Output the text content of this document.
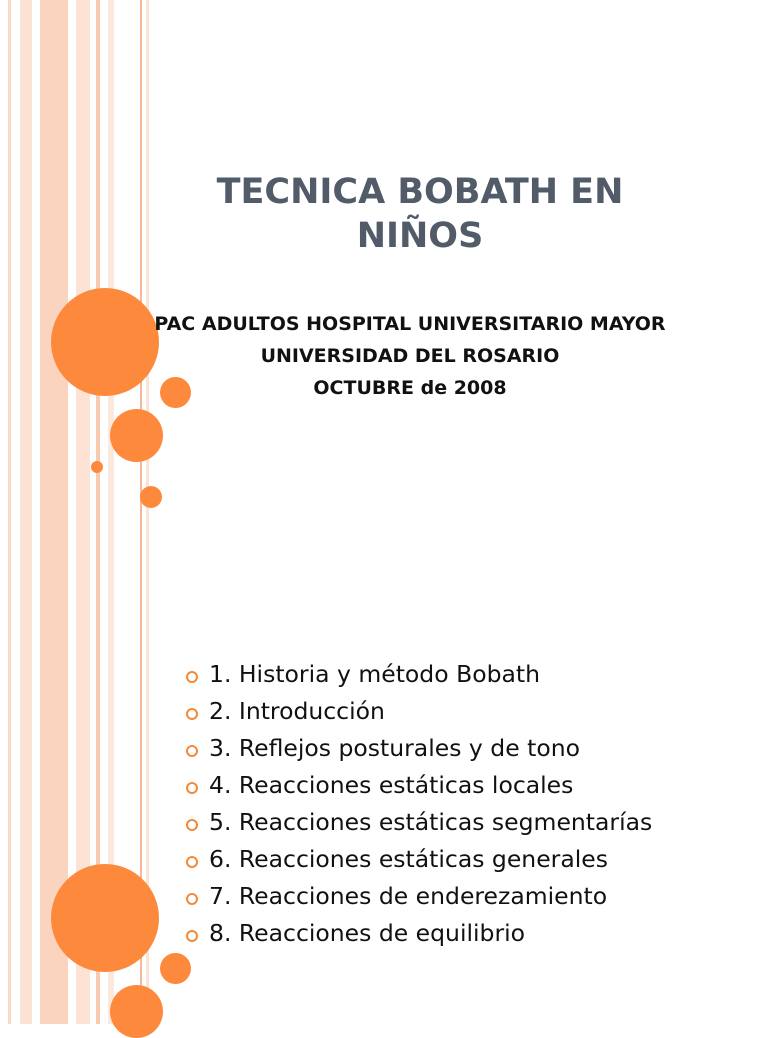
TECNICA BOBATH EN NIÑOS
PAC ADULTOS HOSPITAL UNIVERSITARIO MAYOR
UNIVERSIDAD DEL ROSARIO
OCTUBRE de 2008
1. Historia y método Bobath
2. Introducción
3. Reflejos posturales y de tono
4. Reacciones estáticas locales
5. Reacciones estáticas segmentarías
6. Reacciones estáticas generales
7. Reacciones de enderezamiento
8. Reacciones de equilibrio
